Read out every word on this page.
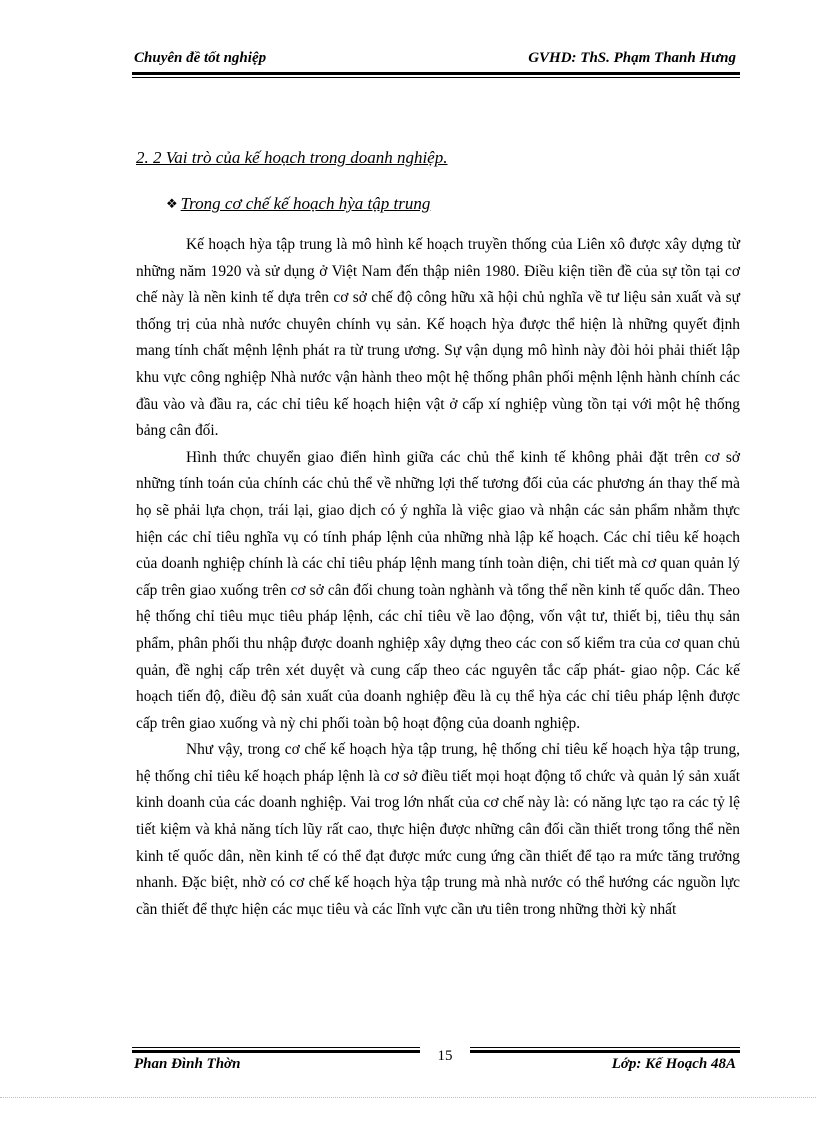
Chuyên đề tốt nghiệp	GVHD: ThS. Phạm Thanh Hưng
2. 2 Vai trò của kế hoạch trong doanh nghiệp.
❖ Trong cơ chế kế hoạch hỳa tập trung

Kế hoạch hỳa tập trung là mô hình kế hoạch truyền thống của Liên xô được xây dựng từ những năm 1920 và sử dụng ở Việt Nam đến thập niên 1980. Điều kiện tiền đề của sự tồn tại cơ chế này là nền kinh tế dựa trên cơ sở chế độ công hữu xã hội chủ nghĩa về tư liệu sản xuất và sự thống trị của nhà nước chuyên chính vụ sản. Kế hoạch hỳa được thể hiện là những quyết định mang tính chất mệnh lệnh phát ra từ trung ương. Sự vận dụng mô hình này đòi hỏi phải thiết lập khu vực công nghiệp Nhà nước vận hành theo một hệ thống phân phối mệnh lệnh hành chính các đầu vào và đầu ra, các chỉ tiêu kế hoạch hiện vật ở cấp xí nghiệp vùng tồn tại với một hệ thống bảng cân đối.

Hình thức chuyển giao điển hình giữa các chủ thể kinh tế không phải đặt trên cơ sở những tính toán của chính các chủ thể về những lợi thế tương đối của các phương án thay thế mà họ sẽ phải lựa chọn, trái lại, giao dịch có ý nghĩa là việc giao và nhận các sản phẩm nhằm thực hiện các chỉ tiêu nghĩa vụ có tính pháp lệnh của những nhà lập kế hoạch. Các chỉ tiêu kế hoạch của doanh nghiệp chính là các chỉ tiêu pháp lệnh mang tính toàn diện, chi tiết mà cơ quan quản lý cấp trên giao xuống trên cơ sở cân đối chung toàn nghành và tổng thể nền kinh tế quốc dân. Theo hệ thống chỉ tiêu mục tiêu pháp lệnh, các chỉ tiêu về lao động, vốn vật tư, thiết bị, tiêu thụ sản phẩm, phân phối thu nhập được doanh nghiệp xây dựng theo các con số kiểm tra của cơ quan chủ quản, đề nghị cấp trên xét duyệt và cung cấp theo các nguyên tắc cấp phát- giao nộp. Các kế hoạch tiến độ, điều độ sản xuất của doanh nghiệp đều là cụ thể hỳa các chỉ tiêu pháp lệnh được cấp trên giao xuống và nỳ chi phối toàn bộ hoạt động của doanh nghiệp.

Như vậy, trong cơ chế kế hoạch hỳa tập trung, hệ thống chỉ tiêu kế hoạch hỳa tập trung, hệ thống chỉ tiêu kế hoạch pháp lệnh là cơ sở điều tiết mọi hoạt động tổ chức và quản lý sản xuất kinh doanh của các doanh nghiệp. Vai trog lớn nhất của cơ chế này là: có năng lực tạo ra các tỷ lệ tiết kiệm và khả năng tích lũy rất cao, thực hiện được những cân đối cần thiết trong tổng thể nền kinh tế quốc dân, nền kinh tế có thể đạt được mức cung ứng cần thiết để tạo ra mức tăng trưởng nhanh. Đặc biệt, nhờ có cơ chế kế hoạch hỳa tập trung mà nhà nước có thể hướng các nguồn lực cần thiết để thực hiện các mục tiêu và các lĩnh vực cần ưu tiên trong những thời kỳ nhất

15
Phan Đình Thờn	Lớp: Kế Hoạch 48A
